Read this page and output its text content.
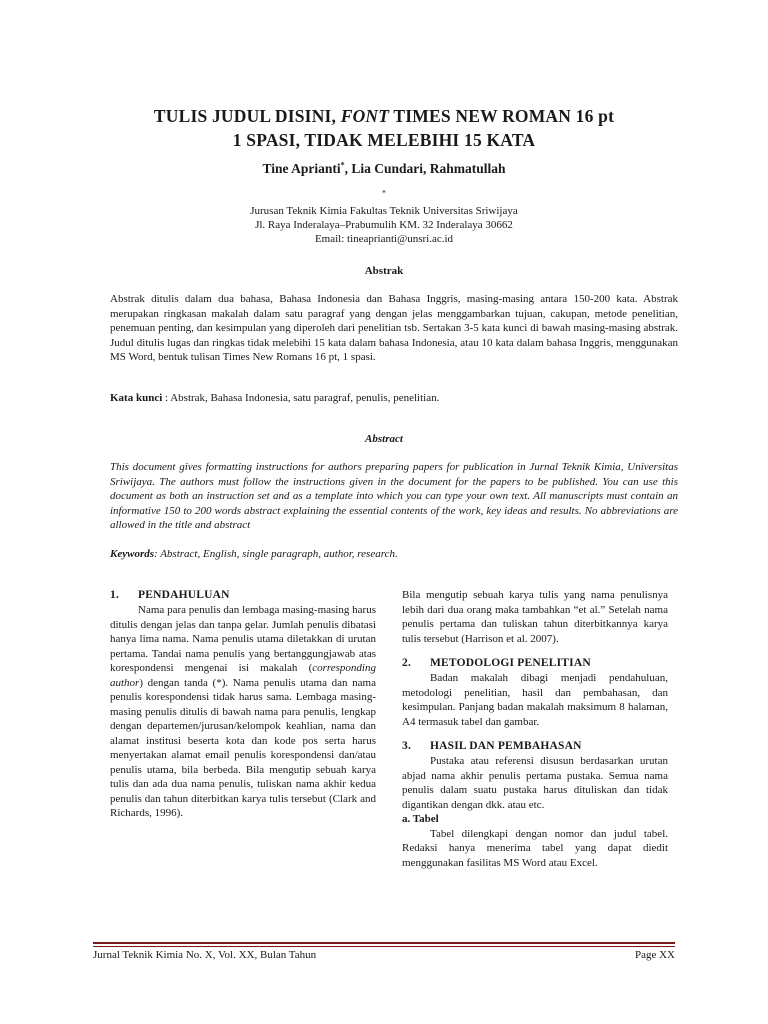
TULIS JUDUL DISINI, FONT TIMES NEW ROMAN 16 pt
1 SPASI, TIDAK MELEBIHI 15 KATA
Tine Aprianti*, Lia Cundari, Rahmatullah
*
Jurusan Teknik Kimia Fakultas Teknik Universitas Sriwijaya
Jl. Raya Inderalaya–Prabumulih KM. 32 Inderalaya 30662
Email: tineaprianti@unsri.ac.id
Abstrak
Abstrak ditulis dalam dua bahasa, Bahasa Indonesia dan Bahasa Inggris, masing-masing antara 150-200 kata. Abstrak merupakan ringkasan makalah dalam satu paragraf yang dengan jelas menggambarkan tujuan, cakupan, metode penelitian, penemuan penting, dan kesimpulan yang diperoleh dari penelitian tsb. Sertakan 3-5 kata kunci di bawah masing-masing abstrak. Judul ditulis lugas dan ringkas tidak melebihi 15 kata dalam bahasa Indonesia, atau 10 kata dalam bahasa Inggris, menggunakan MS Word, bentuk tulisan Times New Romans 16 pt, 1 spasi.
Kata kunci : Abstrak, Bahasa Indonesia, satu paragraf, penulis, penelitian.
Abstract
This document gives formatting instructions for authors preparing papers for publication in Jurnal Teknik Kimia, Universitas Sriwijaya. The authors must follow the instructions given in the document for the papers to be published. You can use this document as both an instruction set and as a template into which you can type your own text. All manuscripts must contain an informative 150 to 200 words abstract explaining the essential contents of the work, key ideas and results. No abbreviations are allowed in the title and abstract
Keywords: Abstract, English, single paragraph, author, research.
1.	PENDAHULUAN

Nama para penulis dan lembaga masing-masing harus ditulis dengan jelas dan tanpa gelar. Jumlah penulis dibatasi hanya lima nama. Nama penulis utama diletakkan di urutan pertama. Tandai nama penulis yang bertanggungjawab atas korespondensi mengenai isi makalah (corresponding author) dengan tanda (*). Nama penulis utama dan nama penulis korespondensi tidak harus sama. Lembaga masing-masing penulis ditulis di bawah nama para penulis, lengkap dengan departemen/jurusan/kelompok keahlian, nama dan alamat institusi beserta kota dan kode pos serta harus menyertakan alamat email penulis korespondensi dan/atau penulis utama, bila berbeda. Bila mengutip sebuah karya tulis dan ada dua nama penulis, tuliskan nama akhir kedua penulis dan tahun diterbitkan karya tulis tersebut (Clark and Richards, 1996).

Bila mengutip sebuah karya tulis yang nama penulisnya lebih dari dua orang maka tambahkan “et al.” Setelah nama penulis pertama dan tuliskan tahun diterbitkannya karya tulis tersebut (Harrison et al. 2007).

2.	METODOLOGI PENELITIAN

Badan makalah dibagi menjadi pendahuluan, metodologi penelitian, hasil dan pembahasan, dan kesimpulan. Panjang badan makalah maksimum 8 halaman, A4 termasuk tabel dan gambar.

3.	HASIL DAN PEMBAHASAN

Pustaka atau referensi disusun berdasarkan urutan abjad nama akhir penulis pertama pustaka. Semua nama penulis dalam suatu pustaka harus dituliskan dan tidak digantikan dengan dkk. atau etc.

a. Tabel

Tabel dilengkapi dengan nomor dan judul tabel. Redaksi hanya menerima tabel yang dapat diedit menggunakan fasilitas MS Word atau Excel.

Jurnal Teknik Kimia No. X, Vol. XX, Bulan Tahun	Page XX
